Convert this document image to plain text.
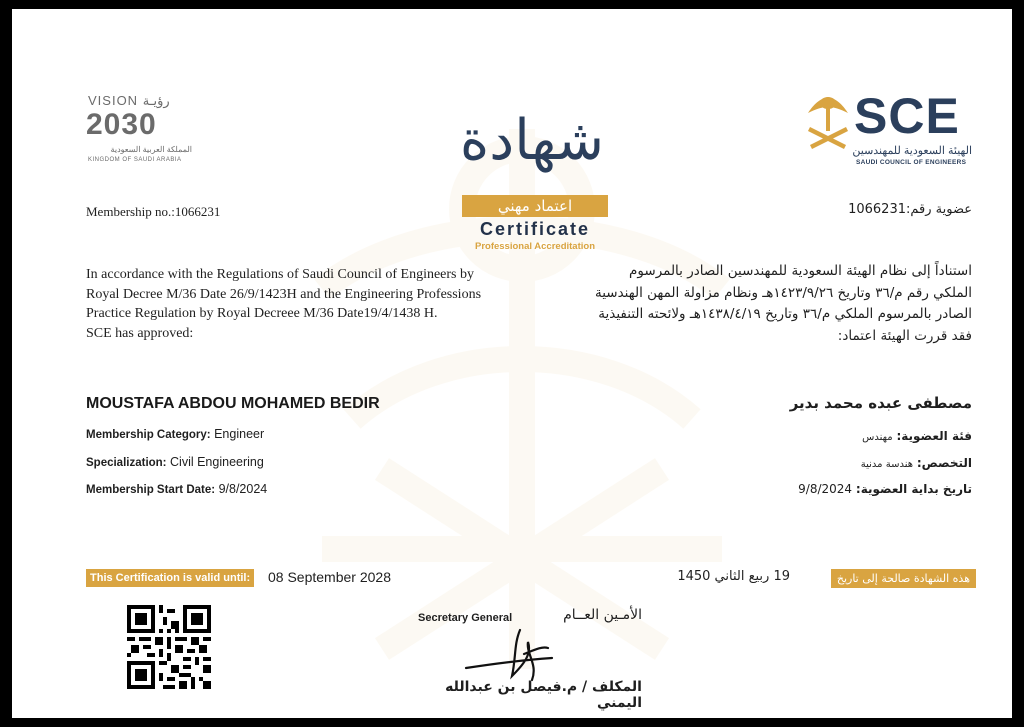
VISION رؤيـة
2030
المملكة العربية السعودية
KINGDOM OF SAUDI ARABIA
SCE
الهيئة السعودية للمهندسين
SAUDI COUNCIL OF ENGINEERS
شهادة
اعتماد مهني
Certificate
Professional Accreditation
Membership no.:1066231	عضوية رقم:1066231
In accordance with the Regulations of Saudi Council of Engineers by
Royal Decree M/36 Date 26/9/1423H and the Engineering Professions
Practice Regulation by Royal Decreee M/36 Date19/4/1438 H.
SCE has approved:
استناداً إلى نظام الهيئة السعودية للمهندسين الصادر بالمرسوم
الملكي رقم م/٣٦ وتاريخ ١٤٢٣/٩/٢٦هـ ونظام مزاولة المهن الهندسية
الصادر بالمرسوم الملكي م/٣٦ وتاريخ ١٤٣٨/٤/١٩هـ ولائحته التنفيذية
فقد قررت الهيئة اعتماد:
MOUSTAFA ABDOU MOHAMED BEDIR	مصطفى عبده محمد بدير
Membership Category: Engineer
Specialization: Civil Engineering
Membership Start Date: 9/8/2024
فئة العضوية: مهندس
التخصص: هندسة مدنية
تاريخ بداية العضوية: 9/8/2024
This Certification is valid until: 08 September 2028	هذه الشهادة صالحة إلى تاريخ
19 ربيع الثاني 1450
Secretary General	الأمـين العــام
المكلف / م.فيصل بن عبدالله اليمني
